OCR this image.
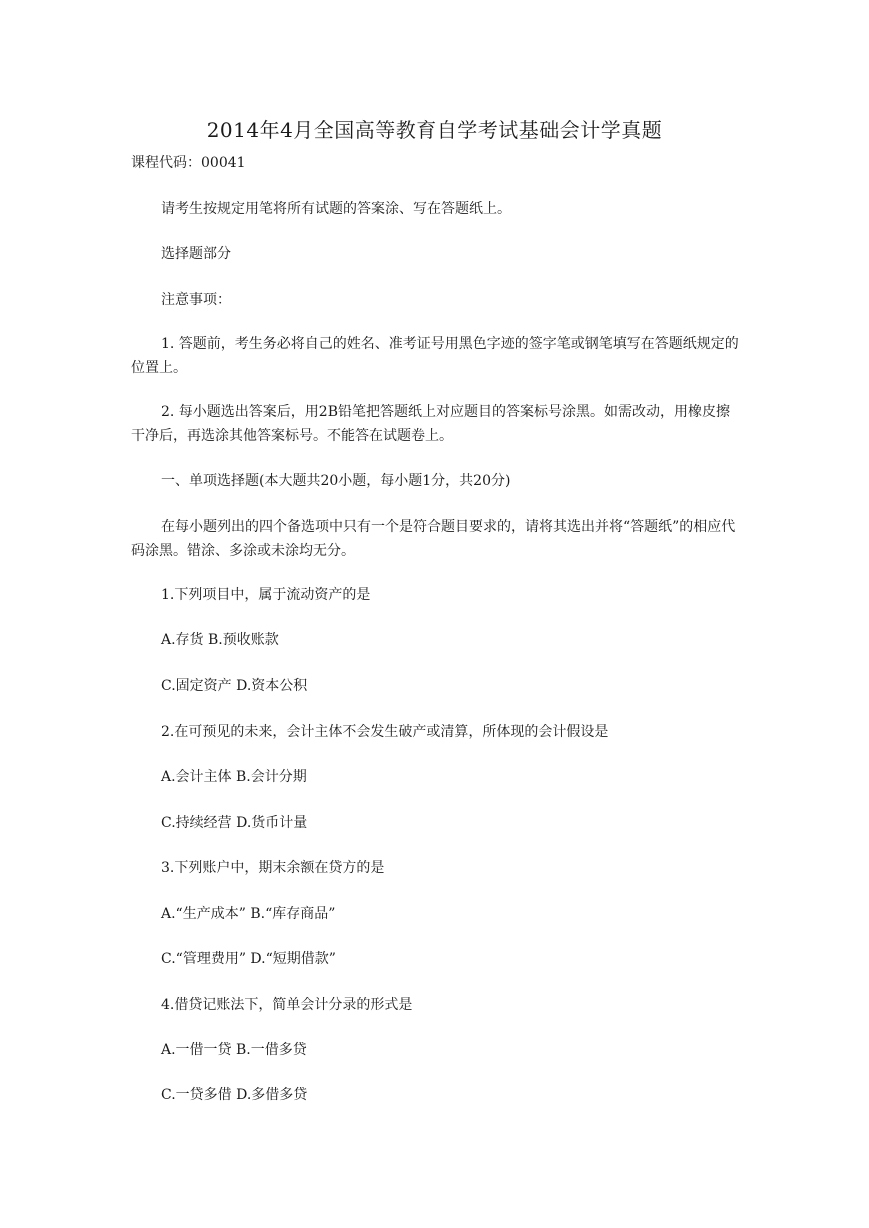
2014年4月全国高等教育自学考试基础会计学真题
课程代码：00041

请考生按规定用笔将所有试题的答案涂、写在答题纸上。

选择题部分

注意事项：

1. 答题前，考生务必将自己的姓名、准考证号用黑色字迹的签字笔或钢笔填写在答题纸规定的位置上。

2. 每小题选出答案后，用2B铅笔把答题纸上对应题目的答案标号涂黑。如需改动，用橡皮擦干净后，再选涂其他答案标号。不能答在试题卷上。

一、单项选择题(本大题共20小题，每小题1分，共20分)

在每小题列出的四个备选项中只有一个是符合题目要求的，请将其选出并将“答题纸”的相应代码涂黑。错涂、多涂或未涂均无分。

1.下列项目中，属于流动资产的是

A.存货 B.预收账款

C.固定资产 D.资本公积

2.在可预见的未来，会计主体不会发生破产或清算，所体现的会计假设是

A.会计主体 B.会计分期

C.持续经营 D.货币计量

3.下列账户中，期末余额在贷方的是

A.“生产成本” B.“库存商品”

C.“管理费用” D.“短期借款”

4.借贷记账法下，简单会计分录的形式是

A.一借一贷 B.一借多贷

C.一贷多借 D.多借多贷
